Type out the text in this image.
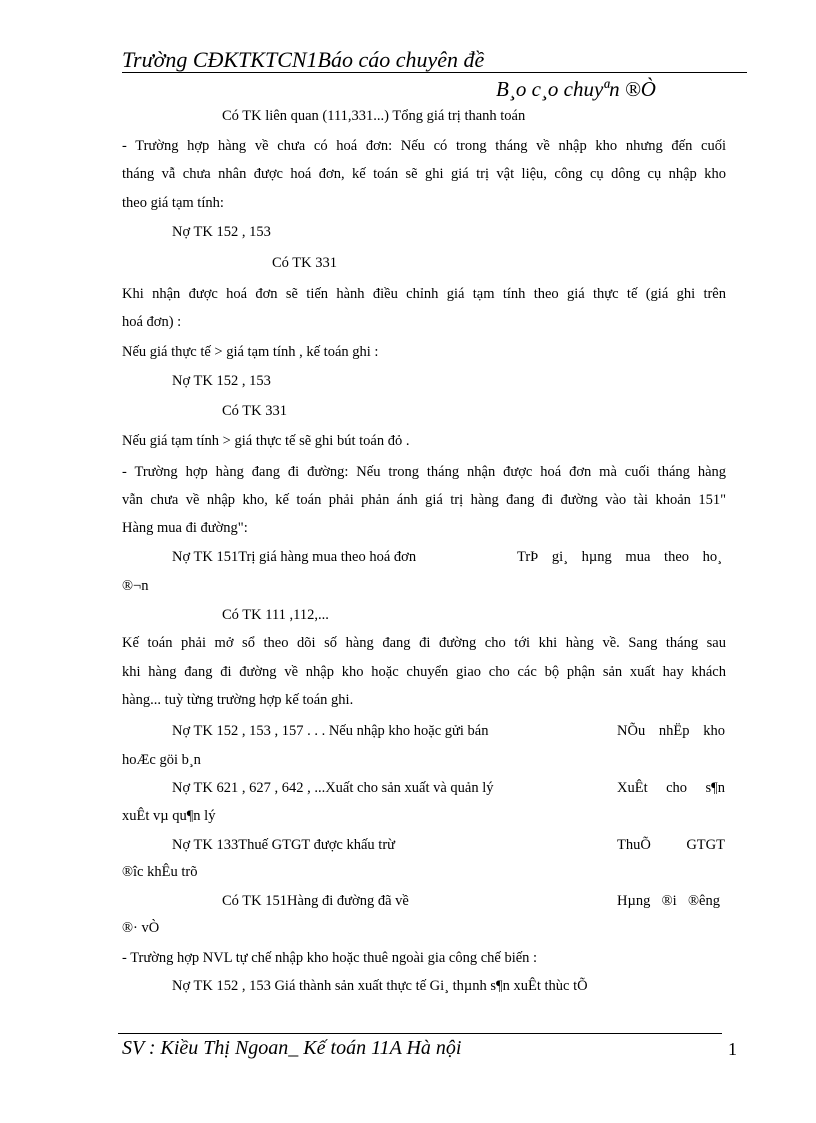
Trường CĐKTKTCN1Báo cáo chuyên đề
B¸o c¸o chuyªn ®Ò
Có TK liên quan (111,331...) Tổng giá trị thanh toán
- Trường hợp hàng về chưa có hoá đơn: Nếu có trong tháng về nhập kho nhưng đến cuối
tháng vẫ chưa nhân được hoá đơn, kế toán sẽ ghi giá trị vật liệu, công cụ dông cụ nhập kho
theo giá tạm tính:
Nợ TK 152 , 153
Có TK 331
Khi nhận được hoá đơn sẽ tiến hành điều chỉnh giá tạm tính theo giá thực tế (giá ghi trên
hoá đơn) :
Nếu giá thực tế > giá tạm tính , kế toán ghi :
Nợ TK 152 , 153
Có TK 331
Nếu giá tạm tính > giá thực tế sẽ ghi bút toán đỏ .
- Trường hợp hàng đang đi đường: Nếu trong tháng nhận được hoá đơn mà cuối tháng hàng
vẫn chưa về nhập kho, kế toán phải phản ánh giá trị hàng đang đi đường vào tài khoản 151"
Hàng mua đi đường":
Nợ TK 151Trị giá hàng mua theo hoá đơn	TrÞ gi¸ hµng mua theo ho¸
®¬n
Có TK 111 ,112,...
Kế toán phải mở sổ theo dõi số hàng đang đi đường cho tới khi hàng về. Sang tháng sau
khi hàng đang đi đường về nhập kho hoặc chuyển giao cho các bộ phận sản xuất hay khách
hàng... tuỳ từng trường hợp kế toán ghi.
Nợ TK 152 , 153 , 157 . . . Nếu nhập kho hoặc gửi bán	NÕu nhËp kho
hoÆc göi b¸n
Nợ TK 621 , 627 , 642 , ...Xuất cho sản xuất và quản lý	XuÊt cho s¶n
xuÊt vµ qu¶n lý
Nợ TK 133Thuế GTGT được khấu trừ	ThuÕ GTGT
®îc khÊu trõ
Có TK 151Hàng đi đường đã về	Hµng ®i ®êng
®· vÒ
- Trường hợp NVL tự chế nhập kho hoặc thuê ngoài gia công chế biến :
Nợ TK 152 , 153 Giá thành sản xuất thực tế Gi¸ thµnh s¶n xuÊt thùc tÕ
SV : Kiều Thị Ngoan_ Kế toán 11A Hà nội	1
